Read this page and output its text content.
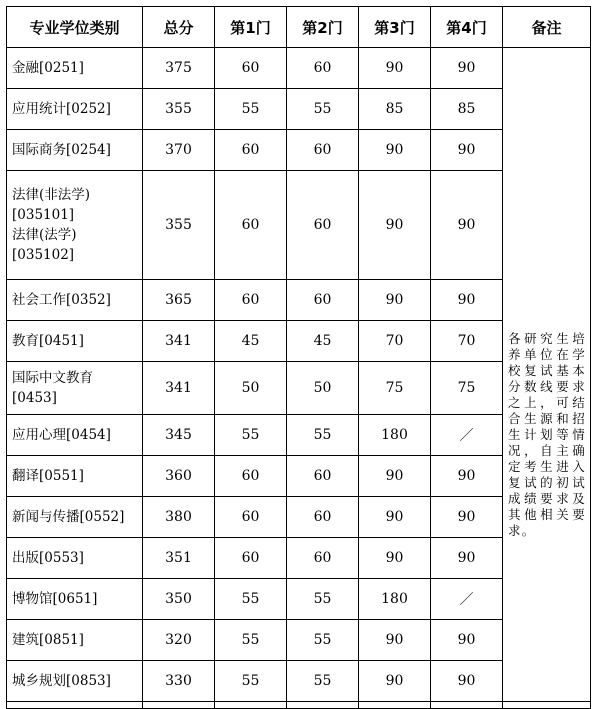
专业学位类别	总分	第1门	第2门	第3门	第4门	备注
金融[0251]	375	60	60	90	90	各研究生培养单位在学校复试基本分数线要求之上，可结合生源和招生计划等情况，自主确定考生进入复试的初试成绩要求及其他相关要求。

应用统计[0252]	355	55	55	85	85	
国际商务[0254]	370	60	60	90	90	

法律(非法学)
[035101]
法律(法学)
[035102]	355	60	60	90	90	
社会工作[0352]	365	60	60	90	90	
教育[0451]	341	45	45	70	70	

国际中文教育
[0453]	341	50	50	75	75	
应用心理[0454]	345	55	55	180	／	
翻译[0551]	360	60	60	90	90	
新闻与传播[0552]	380	60	60	90	90	
出版[0553]	351	60	60	90	90	
博物馆[0651]	350	55	55	180	／	
建筑[0851]	320	55	55	90	90	
城乡规划[0853]	330	55	55	90	90	
